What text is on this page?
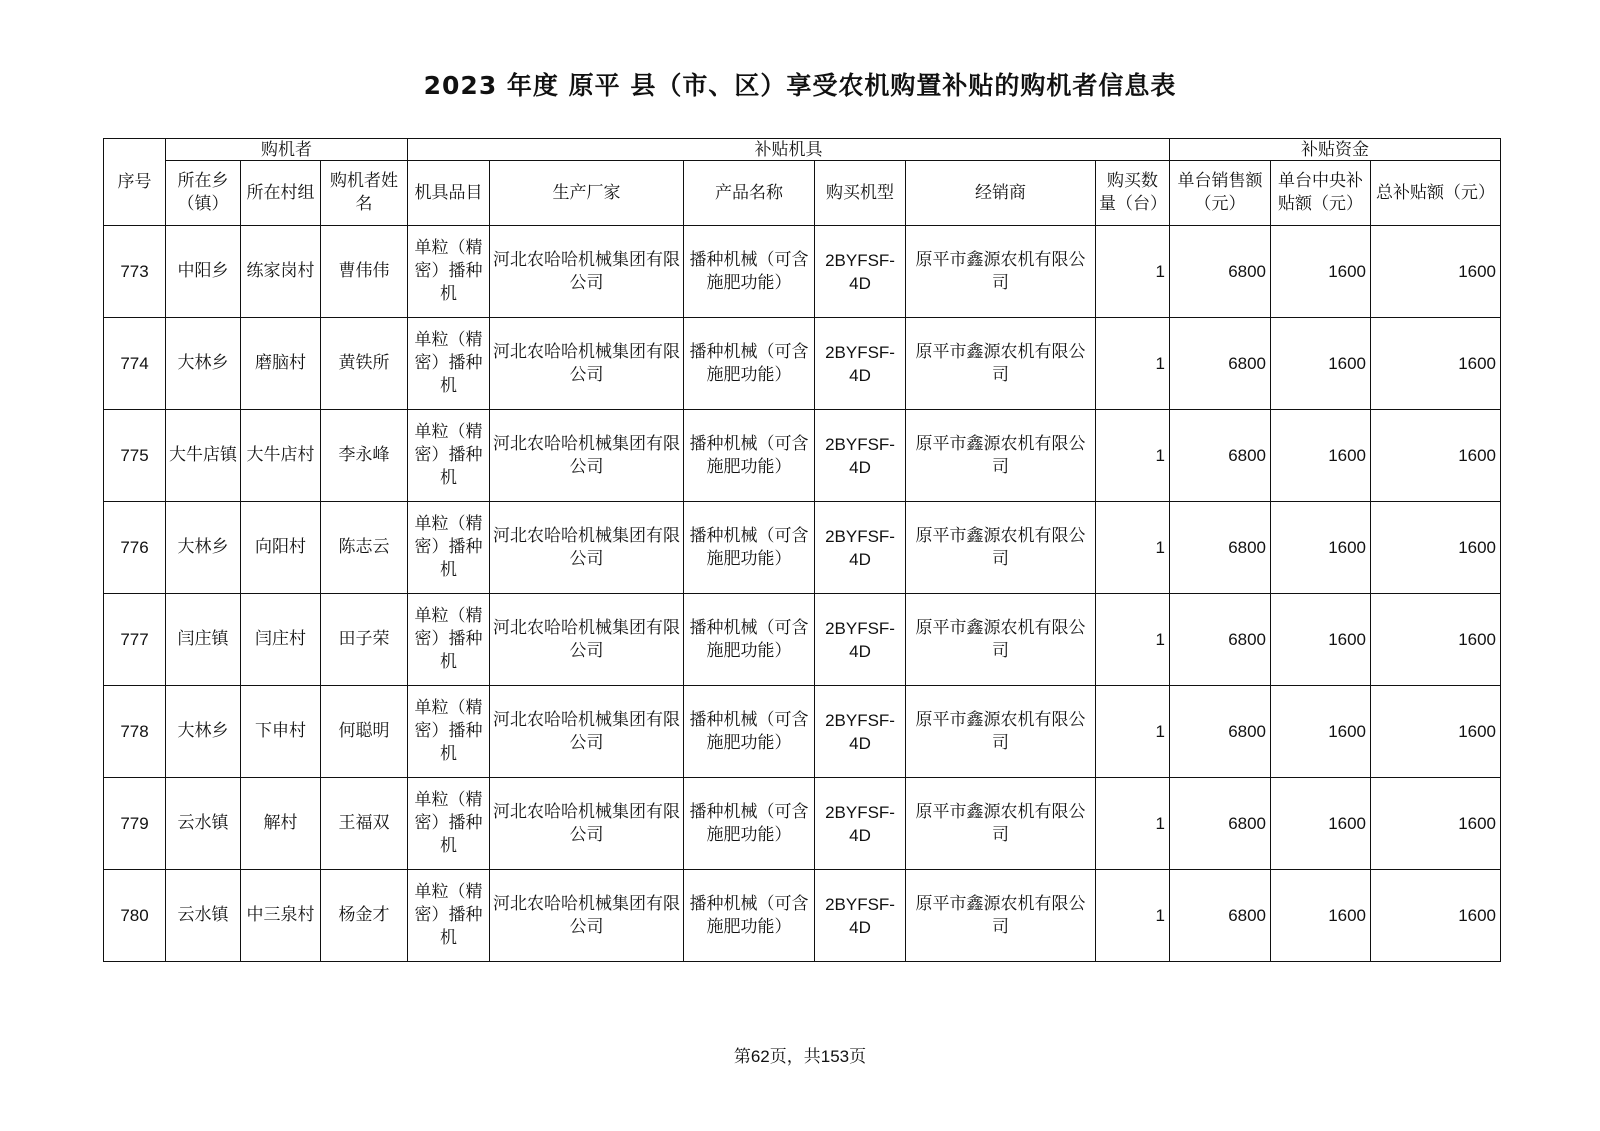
2023 年度 原平 县（市、区）享受农机购置补贴的购机者信息表
序号	购机者			补贴机具						补贴资金		
	所在乡（镇）	所在村组	购机者姓名	机具品目	生产厂家	产品名称	购买机型	经销商	购买数量（台）	单台销售额（元）	单台中央补贴额（元）	总补贴额（元）
773	中阳乡	练家岗村	曹伟伟	单粒（精密）播种机	河北农哈哈机械集团有限公司	播种机械（可含施肥功能）	2BYFSF-4D	原平市鑫源农机有限公司	1	6800	1600	1600
774	大林乡	磨脑村	黄铁所	单粒（精密）播种机	河北农哈哈机械集团有限公司	播种机械（可含施肥功能）	2BYFSF-4D	原平市鑫源农机有限公司	1	6800	1600	1600
775	大牛店镇	大牛店村	李永峰	单粒（精密）播种机	河北农哈哈机械集团有限公司	播种机械（可含施肥功能）	2BYFSF-4D	原平市鑫源农机有限公司	1	6800	1600	1600
776	大林乡	向阳村	陈志云	单粒（精密）播种机	河北农哈哈机械集团有限公司	播种机械（可含施肥功能）	2BYFSF-4D	原平市鑫源农机有限公司	1	6800	1600	1600
777	闫庄镇	闫庄村	田子荣	单粒（精密）播种机	河北农哈哈机械集团有限公司	播种机械（可含施肥功能）	2BYFSF-4D	原平市鑫源农机有限公司	1	6800	1600	1600
778	大林乡	下申村	何聪明	单粒（精密）播种机	河北农哈哈机械集团有限公司	播种机械（可含施肥功能）	2BYFSF-4D	原平市鑫源农机有限公司	1	6800	1600	1600
779	云水镇	解村	王福双	单粒（精密）播种机	河北农哈哈机械集团有限公司	播种机械（可含施肥功能）	2BYFSF-4D	原平市鑫源农机有限公司	1	6800	1600	1600
780	云水镇	中三泉村	杨金才	单粒（精密）播种机	河北农哈哈机械集团有限公司	播种机械（可含施肥功能）	2BYFSF-4D	原平市鑫源农机有限公司	1	6800	1600	1600
第62页，共153页
